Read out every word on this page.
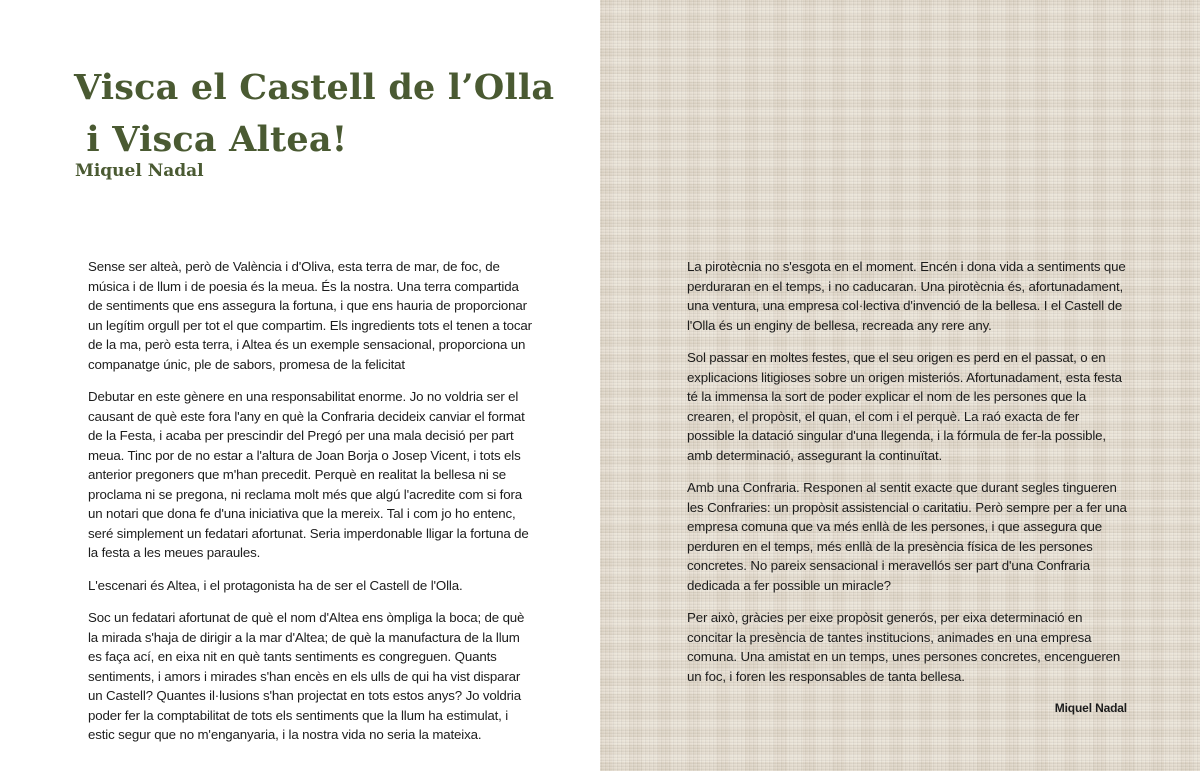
Visca el Castell de l’Olla
i Visca Altea!
Miquel Nadal

Sense ser alteà, però de València i d'Oliva, esta terra de mar, de foc, de música i de llum i de poesia és la meua. És la nostra. Una terra compartida de sentiments que ens assegura la fortuna, i que ens hauria de proporcionar un legítim orgull per tot el que compartim. Els ingredients tots el tenen a tocar de la ma, però esta terra, i Altea és un exemple sensacional, proporciona un companatge únic, ple de sabors, promesa de la felicitat

Debutar en este gènere en una responsabilitat enorme. Jo no voldria ser el causant de què este fora l'any en què la Confraria decideix canviar el format de la Festa, i acaba per prescindir del Pregó per una mala decisió per part meua. Tinc por de no estar a l'altura de Joan Borja o Josep Vicent, i tots els anterior pregoners que m'han precedit. Perquè en realitat la bellesa ni se proclama ni se pregona, ni reclama molt més que algú l'acredite com si fora un notari que dona fe d'una iniciativa que la mereix. Tal i com jo ho entenc, seré simplement un fedatari afortunat. Seria imperdonable lligar la fortuna de la festa a les meues paraules.

L'escenari és Altea, i el protagonista ha de ser el Castell de l'Olla.

Soc un fedatari afortunat de què el nom d'Altea ens òmpliga la boca; de què la mirada s'haja de dirigir a la mar d'Altea; de què la manufactura de la llum es faça ací, en eixa nit en què tants sentiments es congreguen. Quants sentiments, i amors i mirades s'han encès en els ulls de qui ha vist disparar un Castell? Quantes il·lusions s'han projectat en tots estos anys? Jo voldria poder fer la comptabilitat de tots els sentiments que la llum ha estimulat, i estic segur que no m'enganyaria, i la nostra vida no seria la mateixa.

La pirotècnia no s'esgota en el moment. Encén i dona vida a sentiments que perduraran en el temps, i no caducaran. Una pirotècnia és, afortunadament, una ventura, una empresa col·lectiva d'invenció de la bellesa. I el Castell de l'Olla és un enginy de bellesa, recreada any rere any.

Sol passar en moltes festes, que el seu origen es perd en el passat, o en explicacions litigioses sobre un origen misteriós. Afortunadament, esta festa té la immensa la sort de poder explicar el nom de les persones que la crearen, el propòsit, el quan, el com i el perquè. La raó exacta de fer possible la datació singular d'una llegenda, i la fórmula de fer-la possible, amb determinació, assegurant la continuïtat.

Amb una Confraria. Responen al sentit exacte que durant segles tingueren les Confraries: un propòsit assistencial o caritatiu. Però sempre per a fer una empresa comuna que va més enllà de les persones, i que assegura que perduren en el temps, més enllà de la presència física de les persones concretes. No pareix sensacional i meravellós ser part d'una Confraria dedicada a fer possible un miracle?

Per això, gràcies per eixe propòsit generós, per eixa determinació en concitar la presència de tantes institucions, animades en una empresa comuna. Una amistat en un temps, unes persones concretes, encengueren un foc, i foren les responsables de tanta bellesa.

Miquel Nadal
